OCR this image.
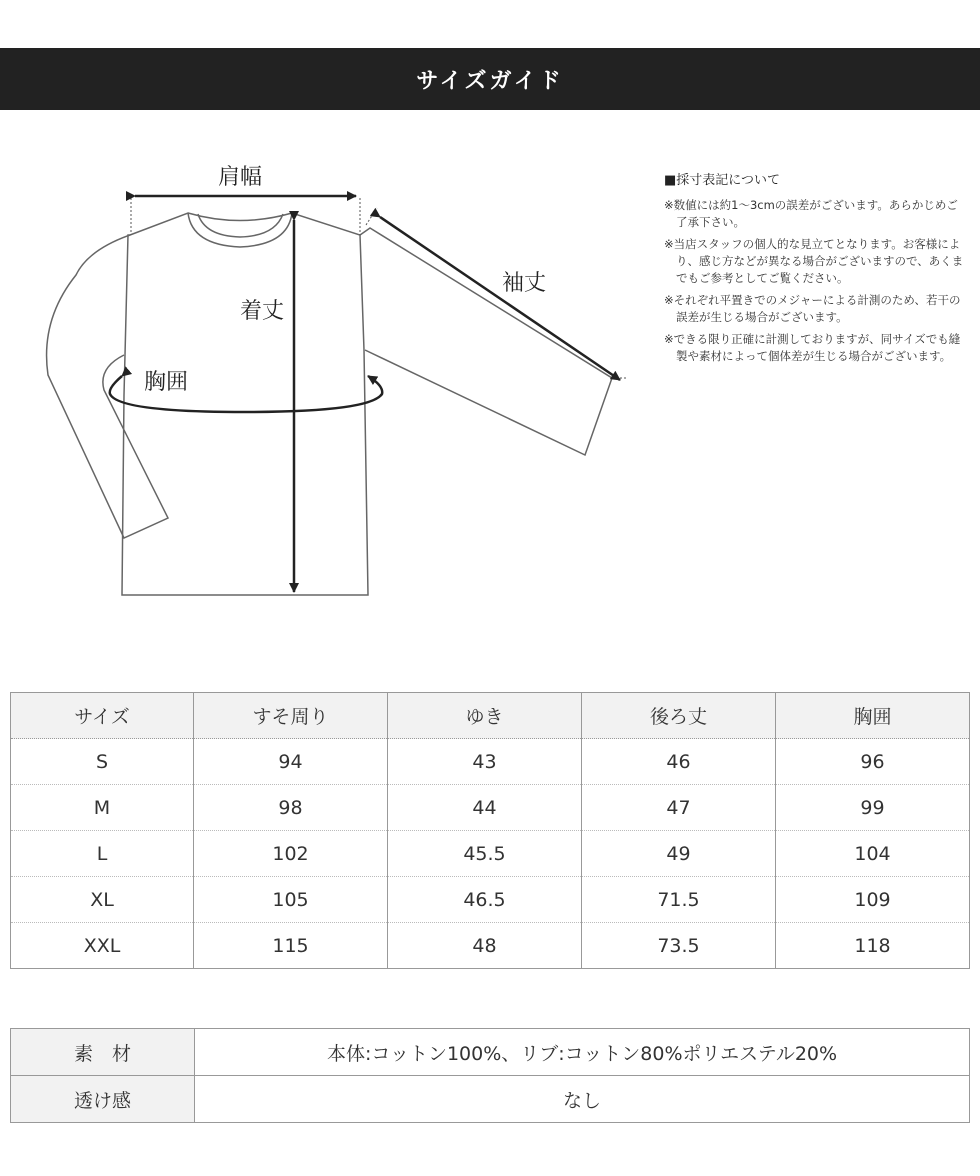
サイズガイド
肩幅
着丈
袖丈
胸囲
■採寸表記について
※数値には約1〜3cmの誤差がございます。あらかじめご了承下さい。
※当店スタッフの個人的な見立てとなります。お客様により、感じ方などが異なる場合がございますので、あくまでもご参考としてご覧ください。
※それぞれ平置きでのメジャーによる計測のため、若干の誤差が生じる場合がございます。
※できる限り正確に計測しておりますが、同サイズでも縫製や素材によって個体差が生じる場合がございます。
サイズ	すそ周り	ゆき	後ろ丈	胸囲
S	94	43	46	96
M	98	44	47	99
L	102	45.5	49	104
XL	105	46.5	71.5	109
XXL	115	48	73.5	118
素　材	本体:コットン100%、リブ:コットン80%ポリエステル20%
透け感	なし
